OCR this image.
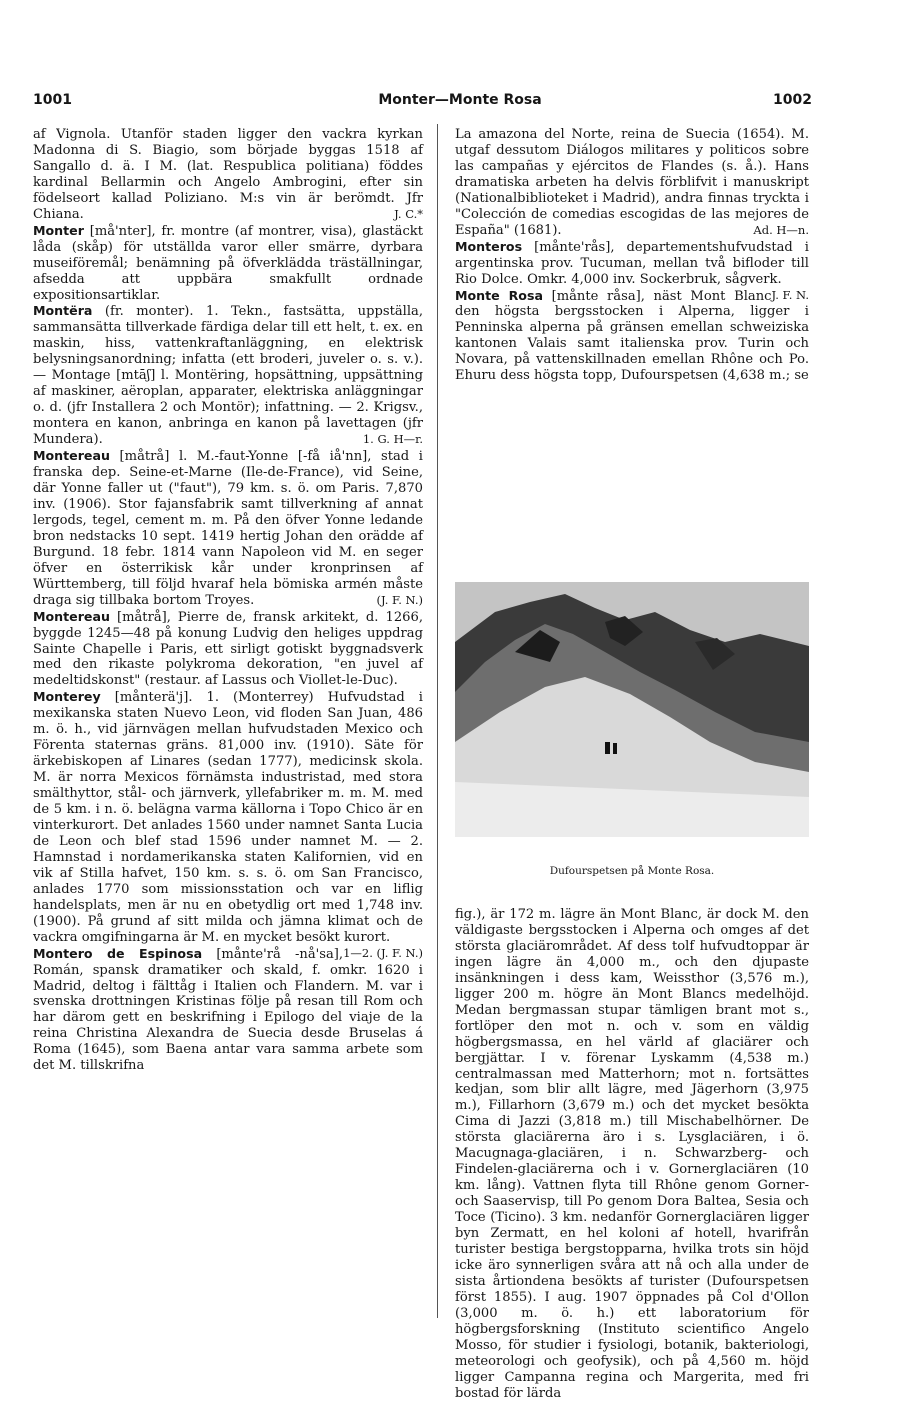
1001	Monter—Monte Rosa	1002

af Vignola. Utanför staden ligger den vackra kyrkan Madonna di S. Biagio, som började byggas 1518 af Sangallo d. ä. I M. (lat. Respublica politiana) föddes kardinal Bellarmin och Angelo Ambrogini, efter sin födelseort kallad Poliziano. M:s vin är berömdt. Jfr Chiana.	J. C.*

Monter [må'nter], fr. montre (af montrer, visa), glastäckt låda (skåp) för utställda varor eller smärre, dyrbara museiföremål; benämning på öfverklädda träställningar, afsedda att uppbära smakfullt ordnade expositionsartiklar.

Montëra (fr. monter). 1. Tekn., fastsätta, uppställa, sammansätta tillverkade färdiga delar till ett helt, t. ex. en maskin, hiss, vattenkraftanläggning, en elektrisk belysningsanordning; infatta (ett broderi, juveler o. s. v.). — Montage [mtāʃ] l. Montëring, hopsättning, uppsättning af maskiner, aëroplan, apparater, elektriska anläggningar o. d. (jfr Installera 2 och Montör); infattning. — 2. Krigsv., montera en kanon, anbringa en kanon på lavettagen (jfr Mundera).	1. G. H—r.

Montereau [måtrå] l. M.-faut-Yonne [-få iå'nn], stad i franska dep. Seine-et-Marne (Ile-de-France), vid Seine, där Yonne faller ut ("faut"), 79 km. s. ö. om Paris. 7,870 inv. (1906). Stor fajansfabrik samt tillverkning af annat lergods, tegel, cement m. m. På den öfver Yonne ledande bron nedstacks 10 sept. 1419 hertig Johan den orädde af Burgund. 18 febr. 1814 vann Napoleon vid M. en seger öfver en österrikisk kår under kronprinsen af Württemberg, till följd hvaraf hela bömiska armén måste draga sig tillbaka bortom Troyes.	(J. F. N.)

Montereau [måtrå], Pierre de, fransk arkitekt, d. 1266, byggde 1245—48 på konung Ludvig den heliges uppdrag Sainte Chapelle i Paris, ett sirligt gotiskt byggnadsverk med den rikaste polykroma dekoration, "en juvel af medeltidskonst" (restaur. af Lassus och Viollet-le-Duc).

Monterey [månterä'j]. 1. (Monterrey) Hufvudstad i mexikanska staten Nuevo Leon, vid floden San Juan, 486 m. ö. h., vid järnvägen mellan hufvudstaden Mexico och Förenta staternas gräns. 81,000 inv. (1910). Säte för ärkebiskopen af Linares (sedan 1777), medicinsk skola. M. är norra Mexicos förnämsta industristad, med stora smälthyttor, stål- och järnverk, yllefabriker m. m. M. med de 5 km. i n. ö. belägna varma källorna i Topo Chico är en vinterkurort. Det anlades 1560 under namnet Santa Lucia de Leon och blef stad 1596 under namnet M. — 2. Hamnstad i nordamerikanska staten Kalifornien, vid en vik af Stilla hafvet, 150 km. s. s. ö. om San Francisco, anlades 1770 som missionsstation och var en liflig handelsplats, men är nu en obetydlig ort med 1,748 inv. (1900). På grund af sitt milda och jämna klimat och de vackra omgifningarna är M. en mycket besökt kurort.
1—2. (J. F. N.)

Montero de Espinosa [månte'rå -nå'sa], Román, spansk dramatiker och skald, f. omkr. 1620 i Madrid, deltog i fälttåg i Italien och Flandern. M. var i svenska drottningen Kristinas följe på resan till Rom och har därom gett en beskrifning i Epilogo del viaje de la reina Christina Alexandra de Suecia desde Bruselas á Roma (1645), som Baena antar vara samma arbete som det M. tillskrifna

La amazona del Norte, reina de Suecia (1654). M. utgaf dessutom Diálogos militares y politicos sobre las campañas y ejércitos de Flandes (s. å.). Hans dramatiska arbeten ha delvis förblifvit i manuskript (Nationalbiblioteket i Madrid), andra finnas tryckta i "Colección de comedias escogidas de las mejores de España" (1681).	Ad. H—n.

Monteros [månte'rås], departementshufvudstad i argentinska prov. Tucuman, mellan två bifloder till Rio Dolce. Omkr. 4,000 inv. Sockerbruk, sågverk.
J. F. N.

Monte Rosa [månte råsa], näst Mont Blanc den högsta bergsstocken i Alperna, ligger i Penninska alperna på gränsen emellan schweiziska kantonen Valais samt italienska prov. Turin och Novara, på vattenskillnaden emellan Rhône och Po. Ehuru dess högsta topp, Dufourspetsen (4,638 m.; se

Dufourspetsen på Monte Rosa.

fig.), är 172 m. lägre än Mont Blanc, är dock M. den väldigaste bergsstocken i Alperna och omges af det största glaciärområdet. Af dess tolf hufvudtoppar är ingen lägre än 4,000 m., och den djupaste insänkningen i dess kam, Weissthor (3,576 m.), ligger 200 m. högre än Mont Blancs medelhöjd. Medan bergmassan stupar tämligen brant mot s., fortlöper den mot n. och v. som en väldig högbergsmassa, en hel värld af glaciärer och bergjättar. I v. förenar Lyskamm (4,538 m.) centralmassan med Matterhorn; mot n. fortsättes kedjan, som blir allt lägre, med Jägerhorn (3,975 m.), Fillarhorn (3,679 m.) och det mycket besökta Cima di Jazzi (3,818 m.) till Mischabelhörner. De största glaciärerna äro i s. Lysglaciären, i ö. Macugnaga-glaciären, i n. Schwarzberg- och Findelen-glaciärerna och i v. Gornerglaciären (10 km. lång). Vattnen flyta till Rhône genom Gorner- och Saaservisp, till Po genom Dora Baltea, Sesia och Toce (Ticino). 3 km. nedanför Gornerglaciären ligger byn Zermatt, en hel koloni af hotell, hvarifrån turister bestiga bergstopparna, hvilka trots sin höjd icke äro synnerligen svåra att nå och alla under de sista årtiondena besökts af turister (Dufourspetsen först 1855). I aug. 1907 öppnades på Col d'Ollon (3,000 m. ö. h.) ett laboratorium för högbergsforskning (Instituto scientifico Angelo Mosso, för studier i fysiologi, botanik, bakteriologi, meteorologi och geofysik), och på 4,560 m. höjd ligger Campanna regina och Margerita, med fri bostad för lärda
